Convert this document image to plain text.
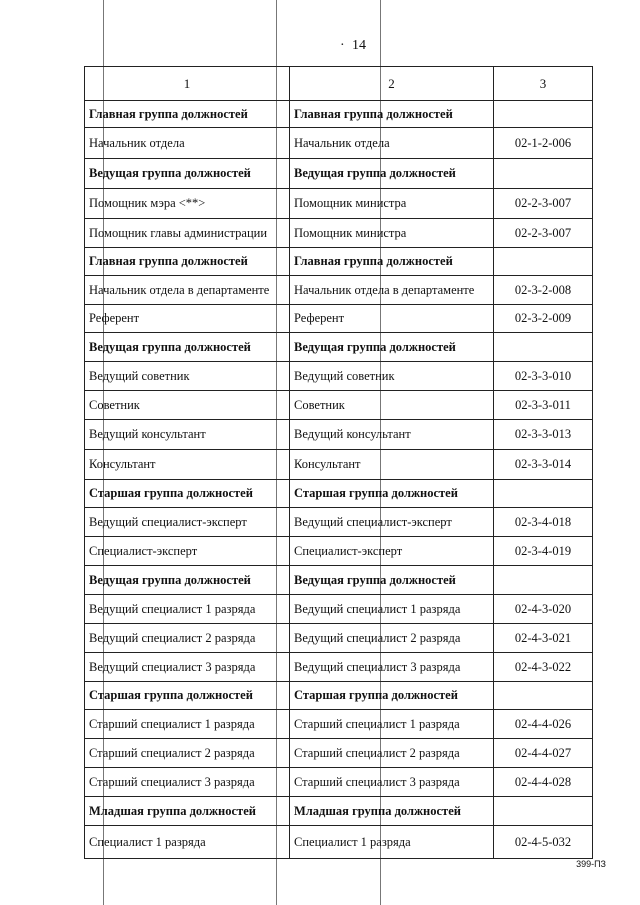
· 14
1	2	3
Главная группа должностей	Главная группа должностей	
Начальник отдела	Начальник отдела	02-1-2-006
Ведущая группа должностей	Ведущая группа должностей	
Помощник мэра <**>	Помощник министра	02-2-3-007
Помощник главы администрации	Помощник министра	02-2-3-007
Главная группа должностей	Главная группа должностей	
Начальник отдела в департаменте	Начальник отдела в департаменте	02-3-2-008
Референт	Референт	02-3-2-009
Ведущая группа должностей	Ведущая группа должностей	
Ведущий советник	Ведущий советник	02-3-3-010
Советник	Советник	02-3-3-011
Ведущий консультант	Ведущий консультант	02-3-3-013
Консультант	Консультант	02-3-3-014
Старшая группа должностей	Старшая группа должностей	
Ведущий специалист-эксперт	Ведущий специалист-эксперт	02-3-4-018
Специалист-эксперт	Специалист-эксперт	02-3-4-019
Ведущая группа должностей	Ведущая группа должностей	
Ведущий специалист 1 разряда	Ведущий специалист 1 разряда	02-4-3-020
Ведущий специалист 2 разряда	Ведущий специалист 2 разряда	02-4-3-021
Ведущий специалист 3 разряда	Ведущий специалист 3 разряда	02-4-3-022
Старшая группа должностей	Старшая группа должностей	
Старший специалист 1 разряда	Старший специалист 1 разряда	02-4-4-026
Старший специалист 2 разряда	Старший специалист 2 разряда	02-4-4-027
Старший специалист 3 разряда	Старший специалист 3 разряда	02-4-4-028
Младшая группа должностей	Младшая группа должностей	
Специалист 1 разряда	Специалист 1 разряда	02-4-5-032
399-ПЗ
